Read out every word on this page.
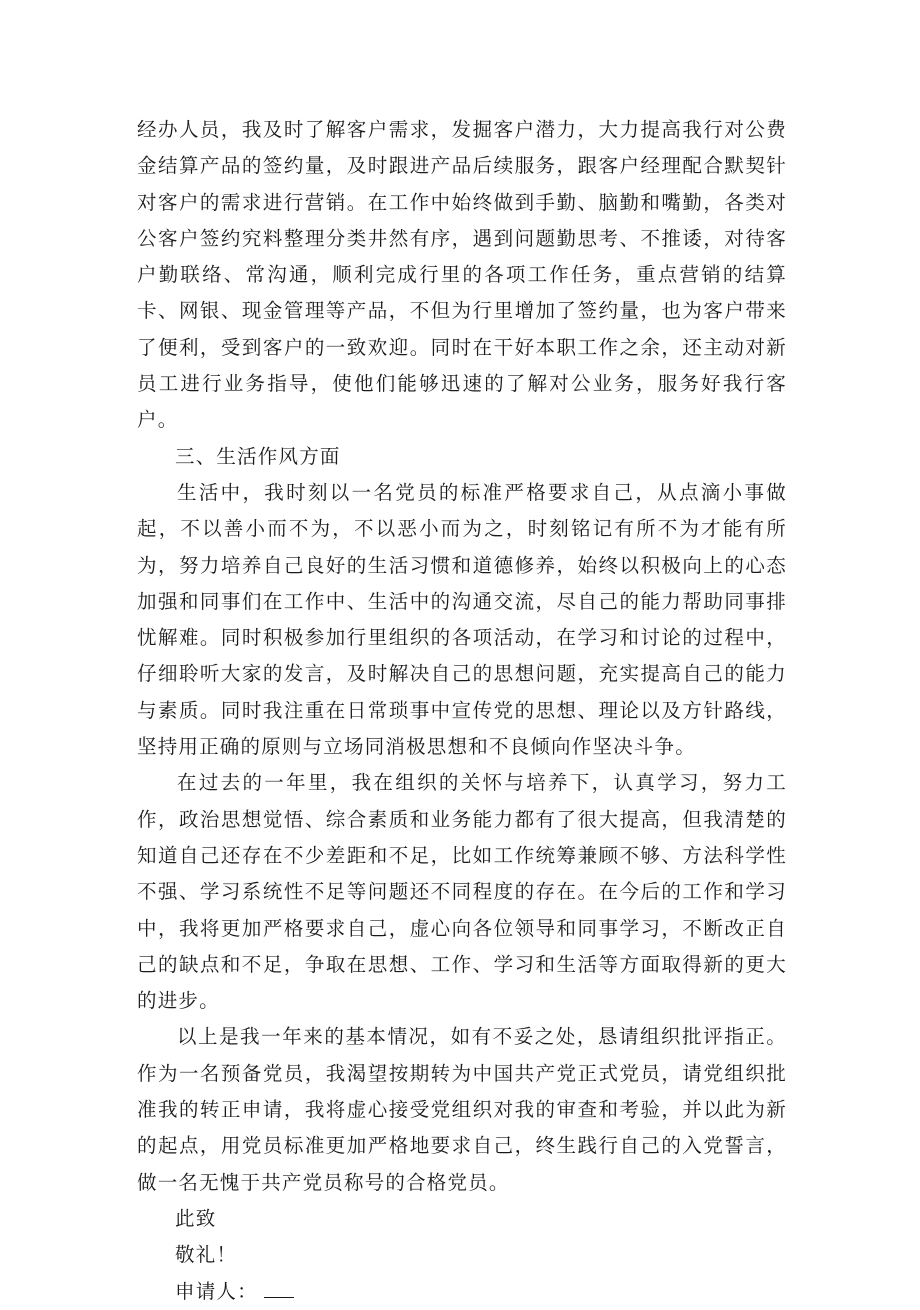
经办人员，我及时了解客户需求，发掘客户潜力，大力提高我行对公费金结算产品的签约量，及时跟进产品后续服务，跟客户经理配合默契针对客户的需求进行营销。在工作中始终做到手勤、脑勤和嘴勤，各类对公客户签约究料整理分类井然有序，遇到问题勤思考、不推诿，对待客户勤联络、常沟通，顺利完成行里的各项工作任务，重点营销的结算卡、网银、现金管理等产品，不但为行里增加了签约量，也为客户带来了便利，受到客户的一致欢迎。同时在干好本职工作之余，还主动对新员工进行业务指导，使他们能够迅速的了解对公业务，服务好我行客户。

三、生活作风方面

生活中，我时刻以一名党员的标准严格要求自己，从点滴小事做起，不以善小而不为，不以恶小而为之，时刻铭记有所不为才能有所为，努力培养自己良好的生活习惯和道德修养，始终以积极向上的心态加强和同事们在工作中、生活中的沟通交流，尽自己的能力帮助同事排忧解难。同时积极参加行里组织的各项活动，在学习和讨论的过程中，仔细聆听大家的发言，及时解决自己的思想问题，充实提高自己的能力与素质。同时我注重在日常琐事中宣传党的思想、理论以及方针路线，坚持用正确的原则与立场同消极思想和不良倾向作坚决斗争。

在过去的一年里，我在组织的关怀与培养下，认真学习，努力工作，政治思想觉悟、综合素质和业务能力都有了很大提高，但我清楚的知道自己还存在不少差距和不足，比如工作统筹兼顾不够、方法科学性不强、学习系统性不足等问题还不同程度的存在。在今后的工作和学习中，我将更加严格要求自己，虚心向各位领导和同事学习，不断改正自己的缺点和不足，争取在思想、工作、学习和生活等方面取得新的更大的进步。

以上是我一年来的基本情况，如有不妥之处，恳请组织批评指正。作为一名预备党员，我渴望按期转为中国共产党正式党员，请党组织批准我的转正申请，我将虚心接受党组织对我的审查和考验，并以此为新的起点，用党员标准更加严格地要求自己，终生践行自己的入党誓言，做一名无愧于共产党员称号的合格党员。

此致

敬礼！

申请人：
